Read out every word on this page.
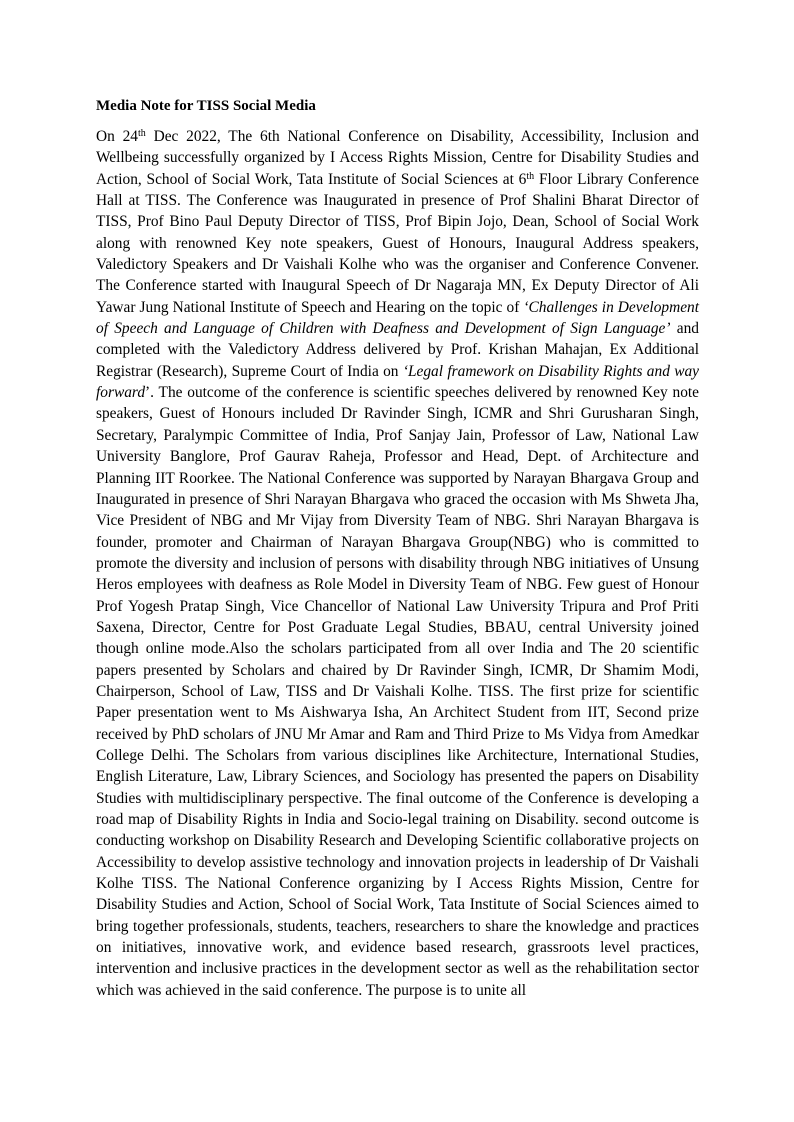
Media Note for TISS Social Media

On 24th Dec 2022, The 6th National Conference on Disability, Accessibility, Inclusion and Wellbeing successfully organized by I Access Rights Mission, Centre for Disability Studies and Action, School of Social Work, Tata Institute of Social Sciences at 6th Floor Library Conference Hall at TISS. The Conference was Inaugurated in presence of Prof Shalini Bharat Director of TISS, Prof Bino Paul Deputy Director of TISS, Prof Bipin Jojo, Dean, School of Social Work along with renowned Key note speakers, Guest of Honours, Inaugural Address speakers, Valedictory Speakers and Dr Vaishali Kolhe who was the organiser and Conference Convener. The Conference started with Inaugural Speech of Dr Nagaraja MN, Ex Deputy Director of Ali Yawar Jung National Institute of Speech and Hearing on the topic of ‘Challenges in Development of Speech and Language of Children with Deafness and Development of Sign Language’ and completed with the Valedictory Address delivered by Prof. Krishan Mahajan, Ex Additional Registrar (Research), Supreme Court of India on ‘Legal framework on Disability Rights and way forward’. The outcome of the conference is scientific speeches delivered by renowned Key note speakers, Guest of Honours included Dr Ravinder Singh, ICMR and Shri Gurusharan Singh, Secretary, Paralympic Committee of India, Prof Sanjay Jain, Professor of Law, National Law University Banglore, Prof Gaurav Raheja, Professor and Head, Dept. of Architecture and Planning IIT Roorkee. The National Conference was supported by Narayan Bhargava Group and Inaugurated in presence of Shri Narayan Bhargava who graced the occasion with Ms Shweta Jha, Vice President of NBG and Mr Vijay from Diversity Team of NBG. Shri Narayan Bhargava is founder, promoter and Chairman of Narayan Bhargava Group(NBG) who is committed to promote the diversity and inclusion of persons with disability through NBG initiatives of Unsung Heros employees with deafness as Role Model in Diversity Team of NBG. Few guest of Honour Prof Yogesh Pratap Singh, Vice Chancellor of National Law University Tripura and Prof Priti Saxena, Director, Centre for Post Graduate Legal Studies, BBAU, central University joined though online mode.Also the scholars participated from all over India and The 20 scientific papers presented by Scholars and chaired by Dr Ravinder Singh, ICMR, Dr Shamim Modi, Chairperson, School of Law, TISS and Dr Vaishali Kolhe. TISS. The first prize for scientific Paper presentation went to Ms Aishwarya Isha, An Architect Student from IIT, Second prize received by PhD scholars of JNU Mr Amar and Ram and Third Prize to Ms Vidya from Amedkar College Delhi. The Scholars from various disciplines like Architecture, International Studies, English Literature, Law, Library Sciences, and Sociology has presented the papers on Disability Studies with multidisciplinary perspective. The final outcome of the Conference is developing a road map of Disability Rights in India and Socio-legal training on Disability. second outcome is conducting workshop on Disability Research and Developing Scientific collaborative projects on Accessibility to develop assistive technology and innovation projects in leadership of Dr Vaishali Kolhe TISS. The National Conference organizing by I Access Rights Mission, Centre for Disability Studies and Action, School of Social Work, Tata Institute of Social Sciences aimed to bring together professionals, students, teachers, researchers to share the knowledge and practices on initiatives, innovative work, and evidence based research, grassroots level practices, intervention and inclusive practices in the development sector as well as the rehabilitation sector which was achieved in the said conference. The purpose is to unite all
